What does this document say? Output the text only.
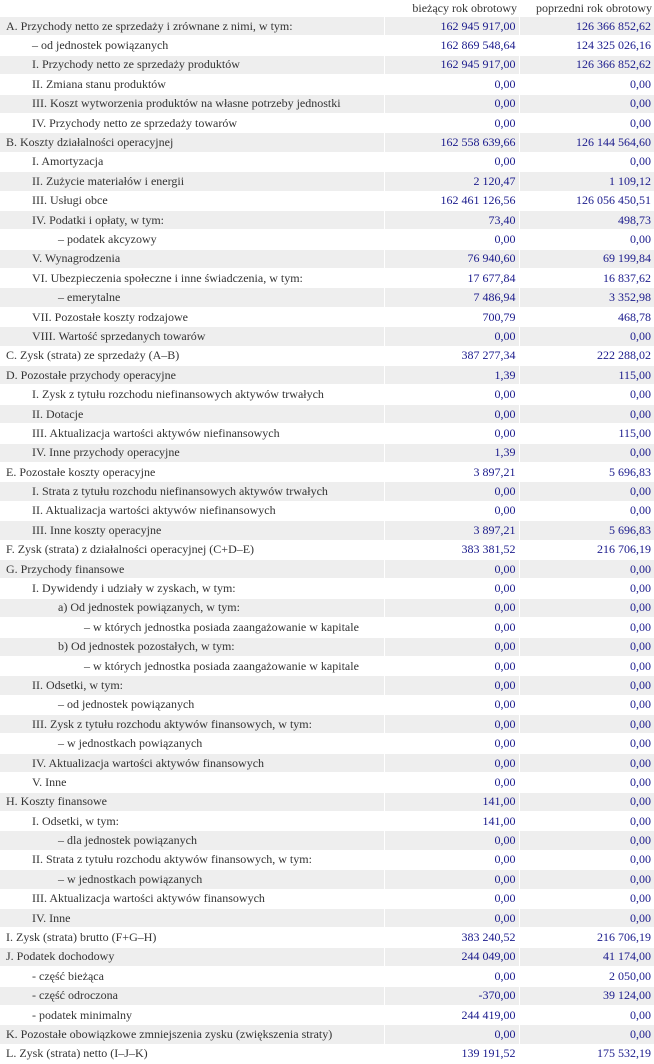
	bieżący rok obrotowy	poprzedni rok obrotowy
A. Przychody netto ze sprzedaży i zrównane z nimi, w tym:	162 945 917,00	126 366 852,62
– od jednostek powiązanych	162 869 548,64	124 325 026,16
I. Przychody netto ze sprzedaży produktów	162 945 917,00	126 366 852,62
II. Zmiana stanu produktów	0,00	0,00
III. Koszt wytworzenia produktów na własne potrzeby jednostki	0,00	0,00
IV. Przychody netto ze sprzedaży towarów	0,00	0,00
B. Koszty działalności operacyjnej	162 558 639,66	126 144 564,60
I. Amortyzacja	0,00	0,00
II. Zużycie materiałów i energii	2 120,47	1 109,12
III. Usługi obce	162 461 126,56	126 056 450,51
IV. Podatki i opłaty, w tym:	73,40	498,73
– podatek akcyzowy	0,00	0,00
V. Wynagrodzenia	76 940,60	69 199,84
VI. Ubezpieczenia społeczne i inne świadczenia, w tym:	17 677,84	16 837,62
– emerytalne	7 486,94	3 352,98
VII. Pozostałe koszty rodzajowe	700,79	468,78
VIII. Wartość sprzedanych towarów	0,00	0,00
C. Zysk (strata) ze sprzedaży (A–B)	387 277,34	222 288,02
D. Pozostałe przychody operacyjne	1,39	115,00
I. Zysk z tytułu rozchodu niefinansowych aktywów trwałych	0,00	0,00
II. Dotacje	0,00	0,00
III. Aktualizacja wartości aktywów niefinansowych	0,00	115,00
IV. Inne przychody operacyjne	1,39	0,00
E. Pozostałe koszty operacyjne	3 897,21	5 696,83
I. Strata z tytułu rozchodu niefinansowych aktywów trwałych	0,00	0,00
II. Aktualizacja wartości aktywów niefinansowych	0,00	0,00
III. Inne koszty operacyjne	3 897,21	5 696,83
F. Zysk (strata) z działalności operacyjnej (C+D–E)	383 381,52	216 706,19
G. Przychody finansowe	0,00	0,00
I. Dywidendy i udziały w zyskach, w tym:	0,00	0,00
a) Od jednostek powiązanych, w tym:	0,00	0,00
– w których jednostka posiada zaangażowanie w kapitale	0,00	0,00
b) Od jednostek pozostałych, w tym:	0,00	0,00
– w których jednostka posiada zaangażowanie w kapitale	0,00	0,00
II. Odsetki, w tym:	0,00	0,00
– od jednostek powiązanych	0,00	0,00
III. Zysk z tytułu rozchodu aktywów finansowych, w tym:	0,00	0,00
– w jednostkach powiązanych	0,00	0,00
IV. Aktualizacja wartości aktywów finansowych	0,00	0,00
V. Inne	0,00	0,00
H. Koszty finansowe	141,00	0,00
I. Odsetki, w tym:	141,00	0,00
– dla jednostek powiązanych	0,00	0,00
II. Strata z tytułu rozchodu aktywów finansowych, w tym:	0,00	0,00
– w jednostkach powiązanych	0,00	0,00
III. Aktualizacja wartości aktywów finansowych	0,00	0,00
IV. Inne	0,00	0,00
I. Zysk (strata) brutto (F+G–H)	383 240,52	216 706,19
J. Podatek dochodowy	244 049,00	41 174,00
- część bieżąca	0,00	2 050,00
- część odroczona	-370,00	39 124,00
- podatek minimalny	244 419,00	0,00
K. Pozostałe obowiązkowe zmniejszenia zysku (zwiększenia straty)	0,00	0,00
L. Zysk (strata) netto (I–J–K)	139 191,52	175 532,19
